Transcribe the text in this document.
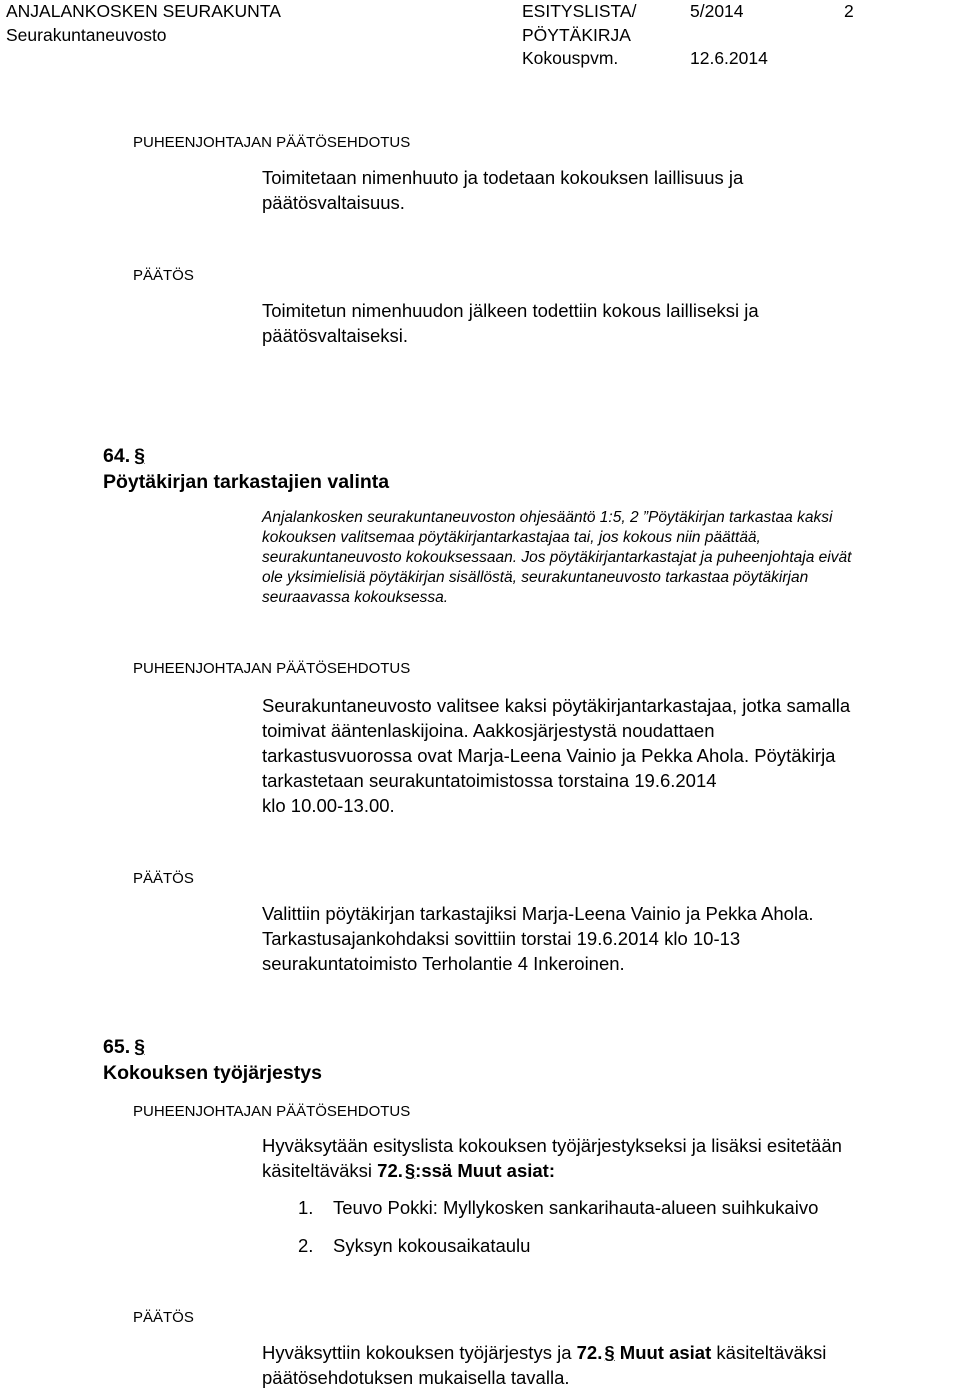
ANJALANKOSKEN SEURAKUNTA
Seurakuntaneuvosto
ESITYSLISTA/
PÖYTÄKIRJA
Kokouspvm.
5/2014	2
12.6.2014
PUHEENJOHTAJAN PÄÄTÖSEHDOTUS
Toimitetaan nimenhuuto ja todetaan kokouksen laillisuus ja
päätösvaltaisuus.
PÄÄTÖS
Toimitetun nimenhuudon jälkeen todettiin kokous lailliseksi ja
päätösvaltaiseksi.
64. §
Pöytäkirjan tarkastajien valinta
Anjalankosken seurakuntaneuvoston ohjesääntö 1:5, 2 ”Pöytäkirjan tarkastaa kaksi
kokouksen valitsemaa pöytäkirjantarkastajaa tai, jos kokous niin päättää,
seurakuntaneuvosto kokouksessaan. Jos pöytäkirjantarkastajat ja puheenjohtaja eivät
ole yksimielisiä pöytäkirjan sisällöstä, seurakuntaneuvosto tarkastaa pöytäkirjan
seuraavassa kokouksessa.
PUHEENJOHTAJAN PÄÄTÖSEHDOTUS
Seurakuntaneuvosto valitsee kaksi pöytäkirjantarkastajaa, jotka samalla
toimivat ääntenlaskijoina. Aakkosjärjestystä noudattaen
tarkastusvuorossa ovat Marja-Leena Vainio ja Pekka Ahola. Pöytäkirja
tarkastetaan seurakuntatoimistossa torstaina 19.6.2014
klo 10.00-13.00.
PÄÄTÖS
Valittiin pöytäkirjan tarkastajiksi Marja-Leena Vainio ja Pekka Ahola.
Tarkastusajankohdaksi sovittiin torstai 19.6.2014 klo 10-13
seurakuntatoimisto Terholantie 4 Inkeroinen.
65. §
Kokouksen työjärjestys
PUHEENJOHTAJAN PÄÄTÖSEHDOTUS
Hyväksytään esityslista kokouksen työjärjestykseksi ja lisäksi esitetään
käsiteltäväksi 72. §:ssä Muut asiat:
1. Teuvo Pokki: Myllykosken sankarihauta-alueen suihkukaivo
2. Syksyn kokousaikataulu
PÄÄTÖS
Hyväksyttiin kokouksen työjärjestys ja 72. § Muut asiat käsiteltäväksi
päätösehdotuksen mukaisella tavalla.
